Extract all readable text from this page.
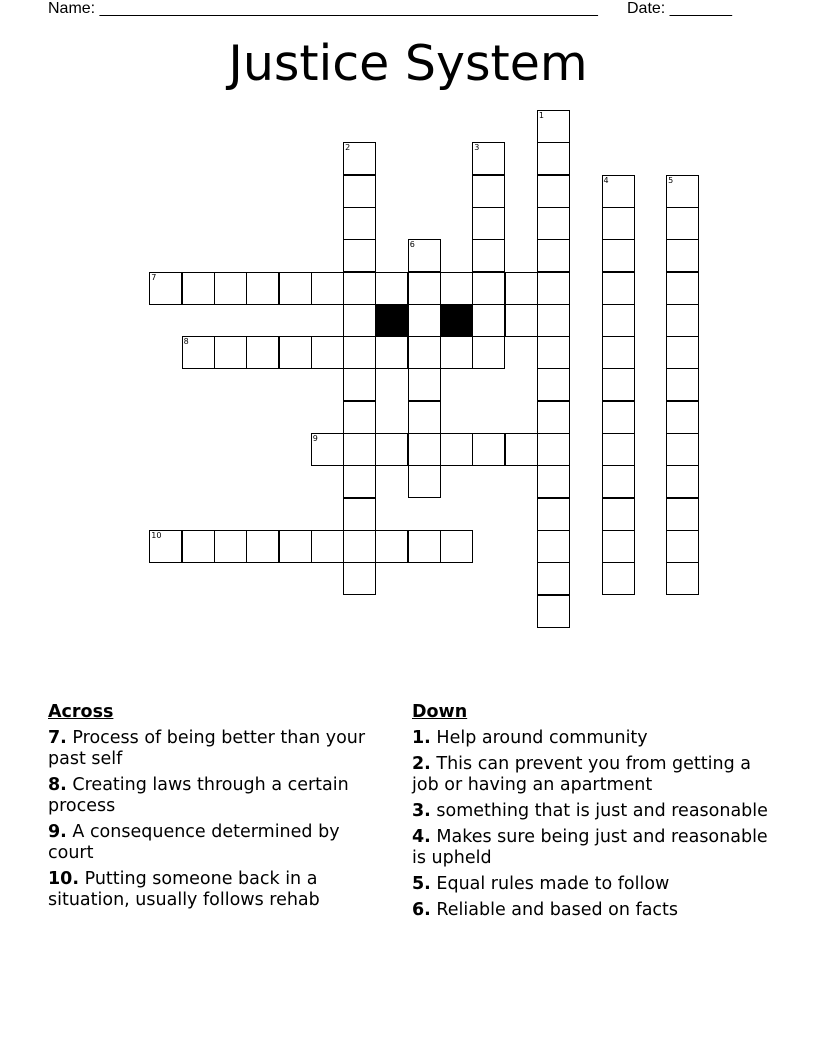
Name: ________________________________________________________ Date: _______
Justice System
1
2	3
4	5
6
7
8
9
10
Across
7. Process of being better than your past self
8. Creating laws through a certain process
9. A consequence determined by court
10. Putting someone back in a situation, usually follows rehab
Down
1. Help around community
2. This can prevent you from getting a job or having an apartment
3. something that is just and reasonable
4. Makes sure being just and reasonable is upheld
5. Equal rules made to follow
6. Reliable and based on facts
